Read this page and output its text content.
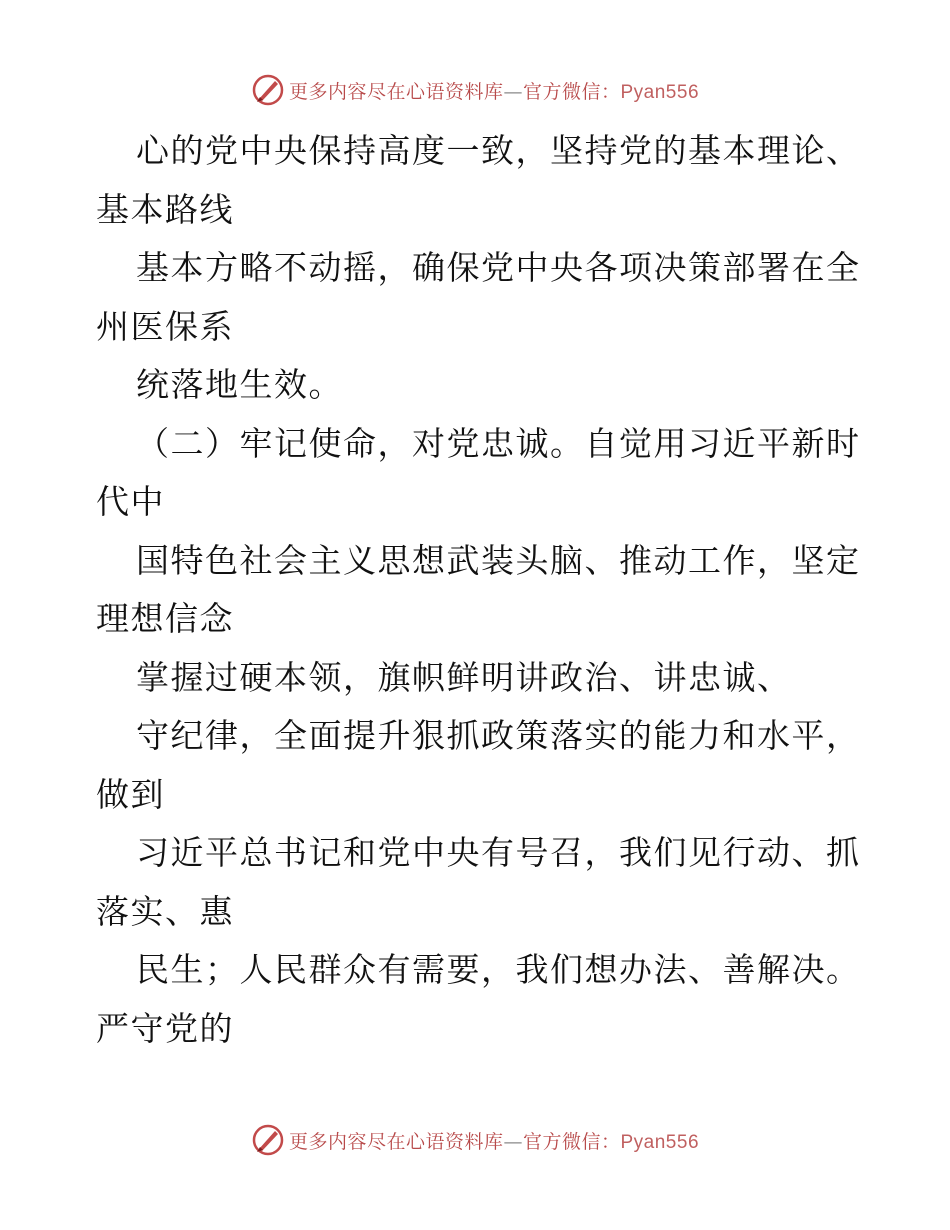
更多内容尽在心语资料库—官方微信：Pyan556
心的党中央保持高度一致，坚持党的基本理论、
基本路线
基本方略不动摇，确保党中央各项决策部署在全
州医保系
统落地生效。
（二）牢记使命，对党忠诚。自觉用习近平新时
代中
国特色社会主义思想武装头脑、推动工作，坚定
理想信念
掌握过硬本领，旗帜鲜明讲政治、讲忠诚、
守纪律，全面提升狠抓政策落实的能力和水平，
做到
习近平总书记和党中央有号召，我们见行动、抓
落实、惠
民生；人民群众有需要，我们想办法、善解决。
严守党的
更多内容尽在心语资料库—官方微信：Pyan556
